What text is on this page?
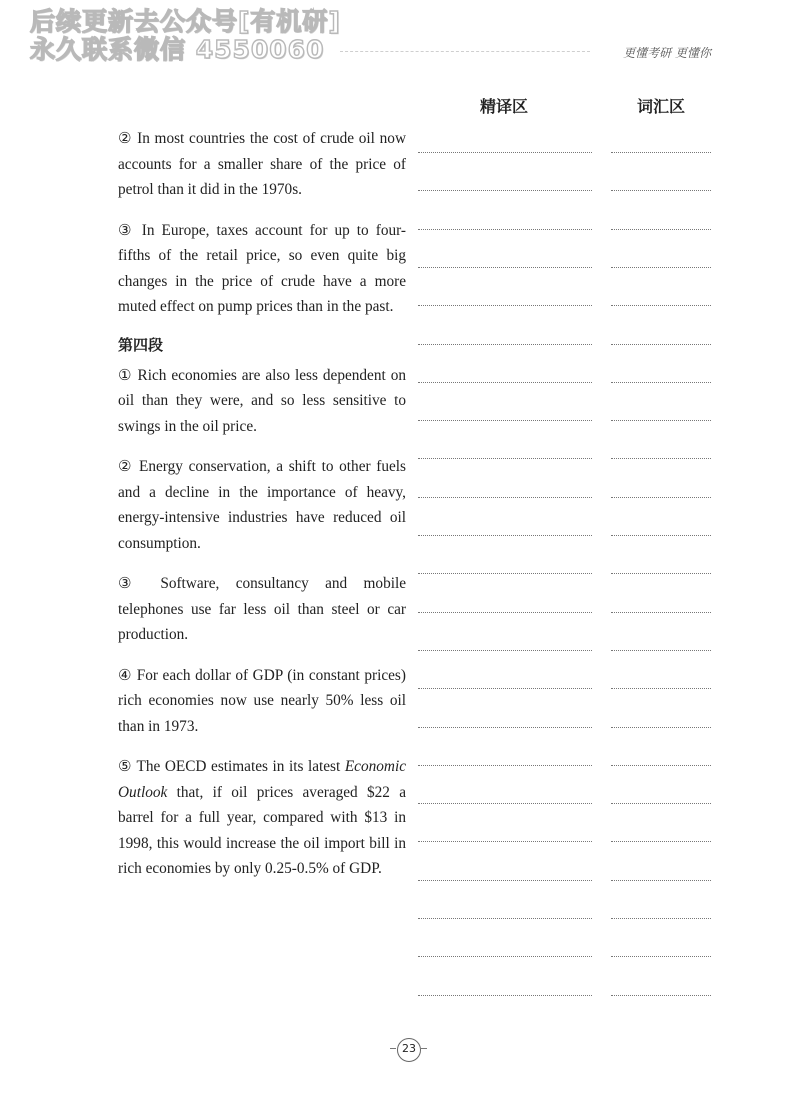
后续更新去公众号[有机研]
永久联系微信 4550060	更懂考研 更懂你
精译区	词汇区

② In most countries the cost of crude oil now accounts for a smaller share of the price of petrol than it did in the 1970s.

③ In Europe, taxes account for up to four-fifths of the retail price, so even quite big changes in the price of crude have a more muted effect on pump prices than in the past.

第四段

① Rich economies are also less dependent on oil than they were, and so less sensitive to swings in the oil price.

② Energy conservation, a shift to other fuels and a decline in the importance of heavy, energy-intensive industries have reduced oil consumption.

③ Software, consultancy and mobile telephones use far less oil than steel or car production.

④ For each dollar of GDP (in constant prices) rich economies now use nearly 50% less oil than in 1973.

⑤ The OECD estimates in its latest Economic Outlook that, if oil prices averaged $22 a barrel for a full year, compared with $13 in 1998, this would increase the oil import bill in rich economies by only 0.25-0.5% of GDP.

23
